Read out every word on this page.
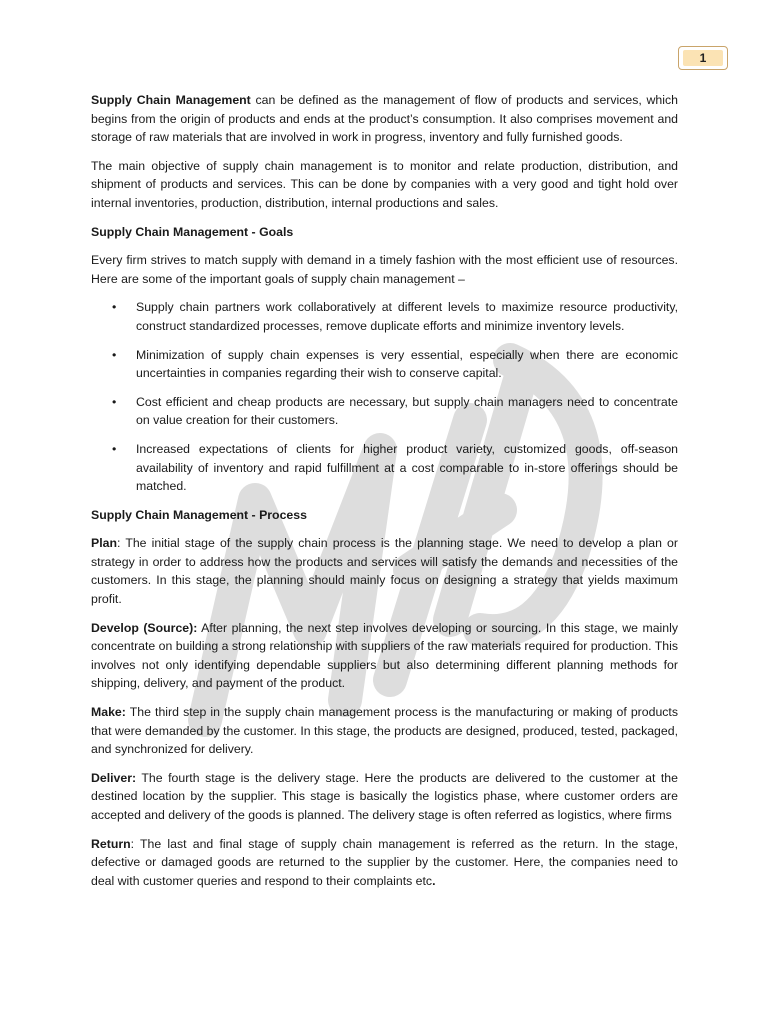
1

Supply Chain Management can be defined as the management of flow of products and services, which begins from the origin of products and ends at the product’s consumption. It also comprises movement and storage of raw materials that are involved in work in progress, inventory and fully furnished goods.

The main objective of supply chain management is to monitor and relate production, distribution, and shipment of products and services. This can be done by companies with a very good and tight hold over internal inventories, production, distribution, internal productions and sales.

Supply Chain Management - Goals

Every firm strives to match supply with demand in a timely fashion with the most efficient use of resources. Here are some of the important goals of supply chain management –

• Supply chain partners work collaboratively at different levels to maximize resource productivity, construct standardized processes, remove duplicate efforts and minimize inventory levels.
• Minimization of supply chain expenses is very essential, especially when there are economic uncertainties in companies regarding their wish to conserve capital.
• Cost efficient and cheap products are necessary, but supply chain managers need to concentrate on value creation for their customers.
• Increased expectations of clients for higher product variety, customized goods, off-season availability of inventory and rapid fulfillment at a cost comparable to in-store offerings should be matched.

Supply Chain Management - Process

Plan: The initial stage of the supply chain process is the planning stage. We need to develop a plan or strategy in order to address how the products and services will satisfy the demands and necessities of the customers. In this stage, the planning should mainly focus on designing a strategy that yields maximum profit.

Develop (Source): After planning, the next step involves developing or sourcing. In this stage, we mainly concentrate on building a strong relationship with suppliers of the raw materials required for production. This involves not only identifying dependable suppliers but also determining different planning methods for shipping, delivery, and payment of the product.

Make: The third step in the supply chain management process is the manufacturing or making of products that were demanded by the customer. In this stage, the products are designed, produced, tested, packaged, and synchronized for delivery.

Deliver: The fourth stage is the delivery stage. Here the products are delivered to the customer at the destined location by the supplier. This stage is basically the logistics phase, where customer orders are accepted and delivery of the goods is planned. The delivery stage is often referred as logistics, where firms

Return: The last and final stage of supply chain management is referred as the return. In the stage, defective or damaged goods are returned to the supplier by the customer. Here, the companies need to deal with customer queries and respond to their complaints etc.
